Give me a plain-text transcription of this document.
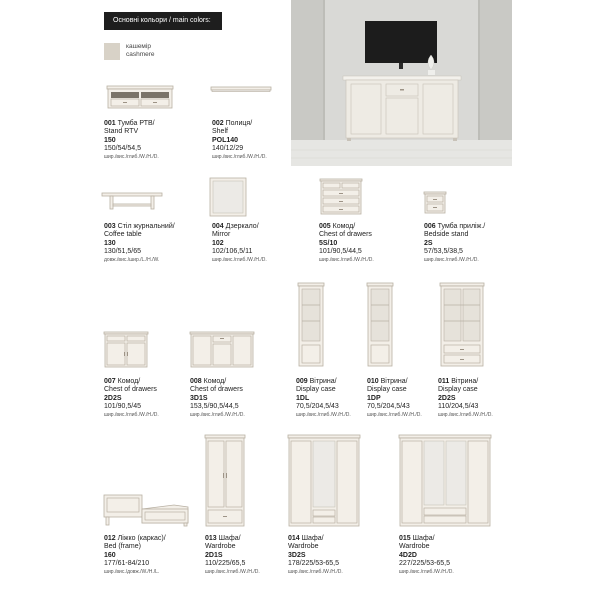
Основні кольори / main colors:
кашемір
cashmere
001 Тумба РТВ/
Stand RTV
150
150/54/54,5
шир./вис./глиб./W./H./D.
002 Полиця/
Shelf
POL140
140/12/29
шир./вис./глиб./W./H./D.
003 Стіл журнальний/
Coffee table
130
130/51,5/65
довж./вис./шир./L./H./W.
004 Дзеркало/
Mirror
102
102/106,5/11
шир./вис./глиб./W./H./D.
005 Комод/
Chest of drawers
5S/10
101/90,5/44,5
шир./вис./глиб./W./H./D.
006 Тумба прилiж./
Bedside stand
2S
57/53,5/38,5
шир./вис./глиб./W./H./D.
007 Комод/
Chest of drawers
2D2S
101/90,5/45
шир./вис./глиб./W./H./D.
008 Комод/
Chest of drawers
3D1S
153,5/90,5/44,5
шир./вис./глиб./W./H./D.
009 Вітрина/
Display case
1DL
70,5/204,5/43
шир./вис./глиб./W./H./D.
010 Вітрина/
Display case
1DP
70,5/204,5/43
шир./вис./глиб./W./H./D.
011 Вітрина/
Display case
2D2S
110/204,5/43
шир./вис./глиб./W./H./D.
012 Ліжко (каркас)/
Bed (frame)
160
177/61-84/210
шир./вис./довж./W./H./L.
013 Шафа/
Wardrobe
2D1S
110/225/65,5
шир./вис./глиб./W./H./D.
014 Шафа/
Wardrobe
3D2S
178/225/53-65,5
шир./вис./глиб./W./H./D.
015 Шафа/
Wardrobe
4D2D
227/225/53-65,5
шир./вис./глиб./W./H./D.
